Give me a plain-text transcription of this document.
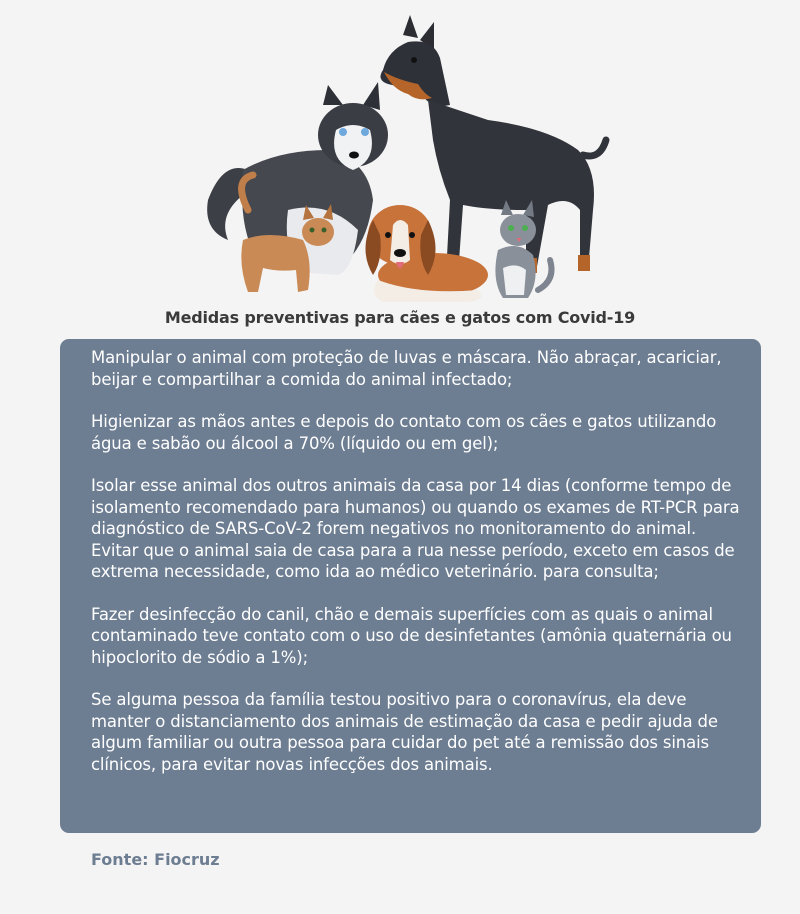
Medidas preventivas para cães e gatos com Covid-19

Manipular o animal com proteção de luvas e máscara. Não abraçar, acariciar, beijar e compartilhar a comida do animal infectado;

Higienizar as mãos antes e depois do contato com os cães e gatos utilizando água e sabão ou álcool a 70% (líquido ou em gel);

Isolar esse animal dos outros animais da casa por 14 dias (conforme tempo de isolamento recomendado para humanos) ou quando os exames de RT-PCR para diagnóstico de SARS-CoV-2 forem negativos no monitoramento do animal. Evitar que o animal saia de casa para a rua nesse período, exceto em casos de extrema necessidade, como ida ao médico veterinário. para consulta;

Fazer desinfecção do canil, chão e demais superfícies com as quais o animal contaminado teve contato com o uso de desinfetantes (amônia quaternária ou hipoclorito de sódio a 1%);

Se alguma pessoa da família testou positivo para o coronavírus, ela deve manter o distanciamento dos animais de estimação da casa e pedir ajuda de algum familiar ou outra pessoa para cuidar do pet até a remissão dos sinais clínicos, para evitar novas infecções dos animais.

Fonte: Fiocruz
